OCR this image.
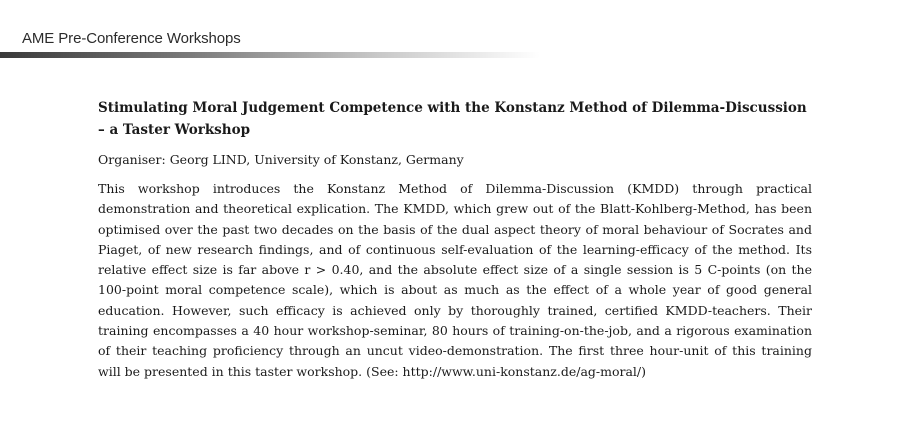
AME Pre-Conference Workshops
Stimulating Moral Judgement Competence with the Konstanz Method of Dilemma-Discussion – a Taster Workshop

Organiser: Georg LIND, University of Konstanz, Germany

This workshop introduces the Konstanz Method of Dilemma-Discussion (KMDD) through practical demonstration and theoretical explication. The KMDD, which grew out of the Blatt-Kohlberg-Method, has been optimised over the past two decades on the basis of the dual aspect theory of moral behaviour of Socrates and Piaget, of new research findings, and of continuous self-evaluation of the learning-efficacy of the method. Its relative effect size is far above r > 0.40, and the absolute effect size of a single session is 5 C-points (on the 100-point moral competence scale), which is about as much as the effect of a whole year of good general education. However, such efficacy is achieved only by thoroughly trained, certified KMDD-teachers. Their training encompasses a 40 hour workshop-seminar, 80 hours of training-on-the-job, and a rigorous examination of their teaching proficiency through an uncut video-demonstration. The first three hour-unit of this training will be presented in this taster workshop. (See: http://www.uni-konstanz.de/ag-moral/)
